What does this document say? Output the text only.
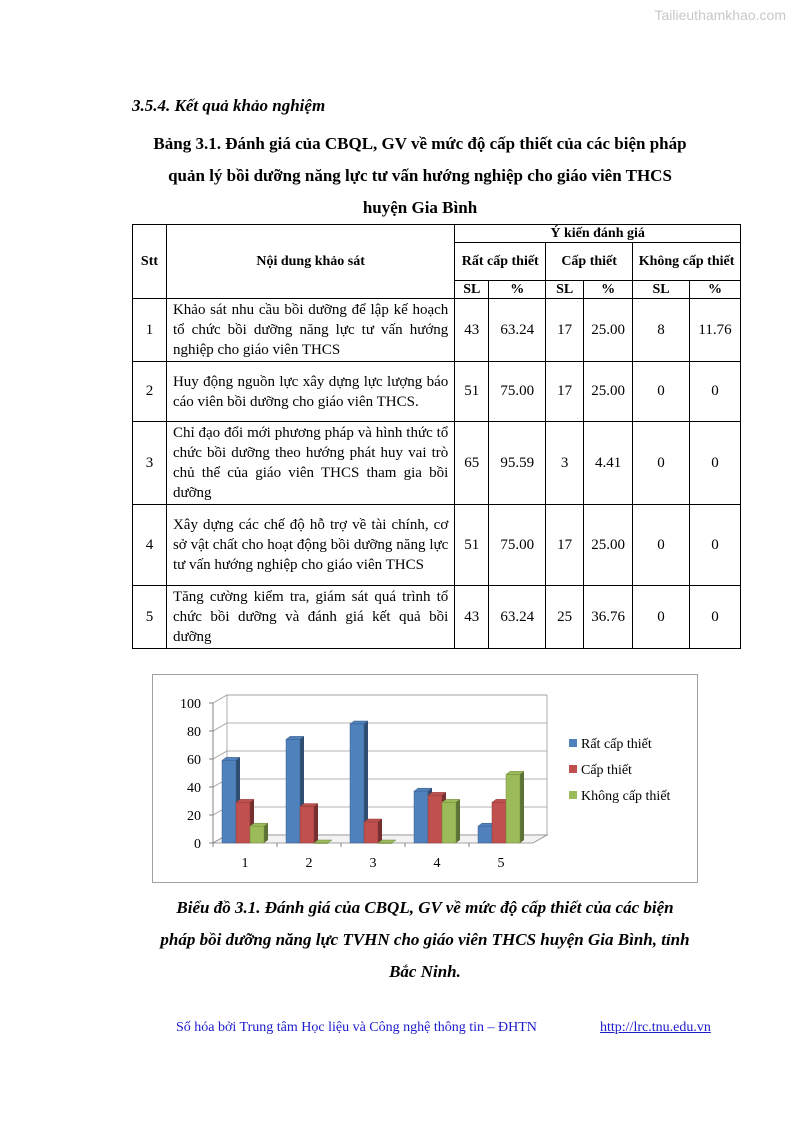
Tailieuthamkhao.com
3.5.4. Kết quả khảo nghiệm
Bảng 3.1. Đánh giá của CBQL, GV về mức độ cấp thiết của các biện pháp
quản lý bồi dưỡng năng lực tư vấn hướng nghiệp cho giáo viên THCS
huyện Gia Bình
Stt	Nội dung khảo sát	Ý kiến đánh giá					
		Rất cấp thiết		Cấp thiết		Không cấp thiết	
		SL	%	SL	%	SL	%
1	Khảo sát nhu cầu bồi dưỡng để lập kế hoạch tổ chức bồi dưỡng năng lực tư vấn hướng nghiệp cho giáo viên THCS	43	63.24	17	25.00	8	11.76
2	Huy động nguồn lực xây dựng lực lượng báo cáo viên bồi dưỡng cho giáo viên THCS.	51	75.00	17	25.00	0	0
3	Chỉ đạo đổi mới phương pháp và hình thức tổ chức bồi dưỡng theo hướng phát huy vai trò chủ thể của giáo viên THCS tham gia bồi dưỡng	65	95.59	3	4.41	0	0
4	Xây dựng các chế độ hỗ trợ về tài chính, cơ sở vật chất cho hoạt động bồi dưỡng năng lực tư vấn hướng nghiệp cho giáo viên THCS	51	75.00	17	25.00	0	0
5	Tăng cường kiểm tra, giám sát quá trình tổ chức bồi dưỡng và đánh giá kết quả bồi dưỡng	43	63.24	25	36.76	0	0
0
20
40
60
80
100
1	2	3	4	5
Rất cấp thiết
Cấp thiết
Không cấp thiết
Biểu đồ 3.1. Đánh giá của CBQL, GV về mức độ cấp thiết của các biện
pháp bồi dưỡng năng lực TVHN cho giáo viên THCS huyện Gia Bình, tỉnh
Bắc Ninh.
Số hóa bởi Trung tâm Học liệu và Công nghệ thông tin – ĐHTN	http://lrc.tnu.edu.vn
